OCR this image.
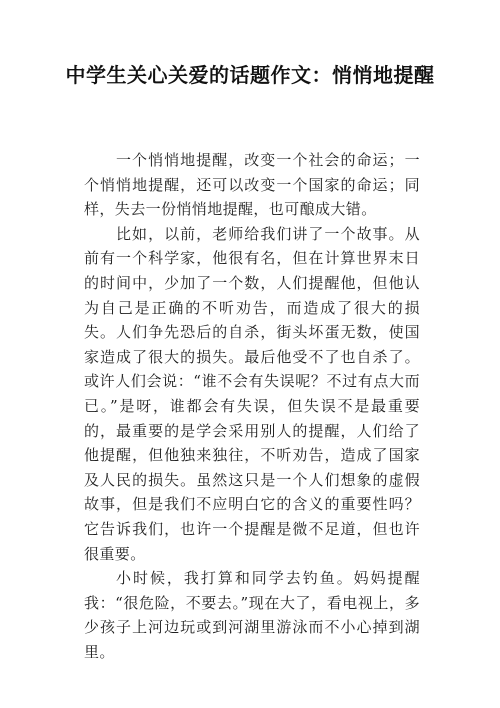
中学生关心关爱的话题作文：悄悄地提醒

一个悄悄地提醒，改变一个社会的命运；一个悄悄地提醒，还可以改变一个国家的命运；同样，失去一份悄悄地提醒，也可酿成大错。

比如，以前，老师给我们讲了一个故事。从前有一个科学家，他很有名，但在计算世界末日的时间中，少加了一个数，人们提醒他，但他认为自己是正确的不听劝告，而造成了很大的损失。人们争先恐后的自杀，街头坏蛋无数，使国家造成了很大的损失。最后他受不了也自杀了。或许人们会说：“谁不会有失误呢？不过有点大而已。”是呀，谁都会有失误，但失误不是最重要的，最重要的是学会采用别人的提醒，人们给了他提醒，但他独来独往，不听劝告，造成了国家及人民的损失。虽然这只是一个人们想象的虚假故事，但是我们不应明白它的含义的重要性吗？它告诉我们，也许一个提醒是微不足道，但也许很重要。

小时候，我打算和同学去钓鱼。妈妈提醒我：“很危险，不要去。”现在大了，看电视上，多少孩子上河边玩或到河湖里游泳而不小心掉到湖里。
